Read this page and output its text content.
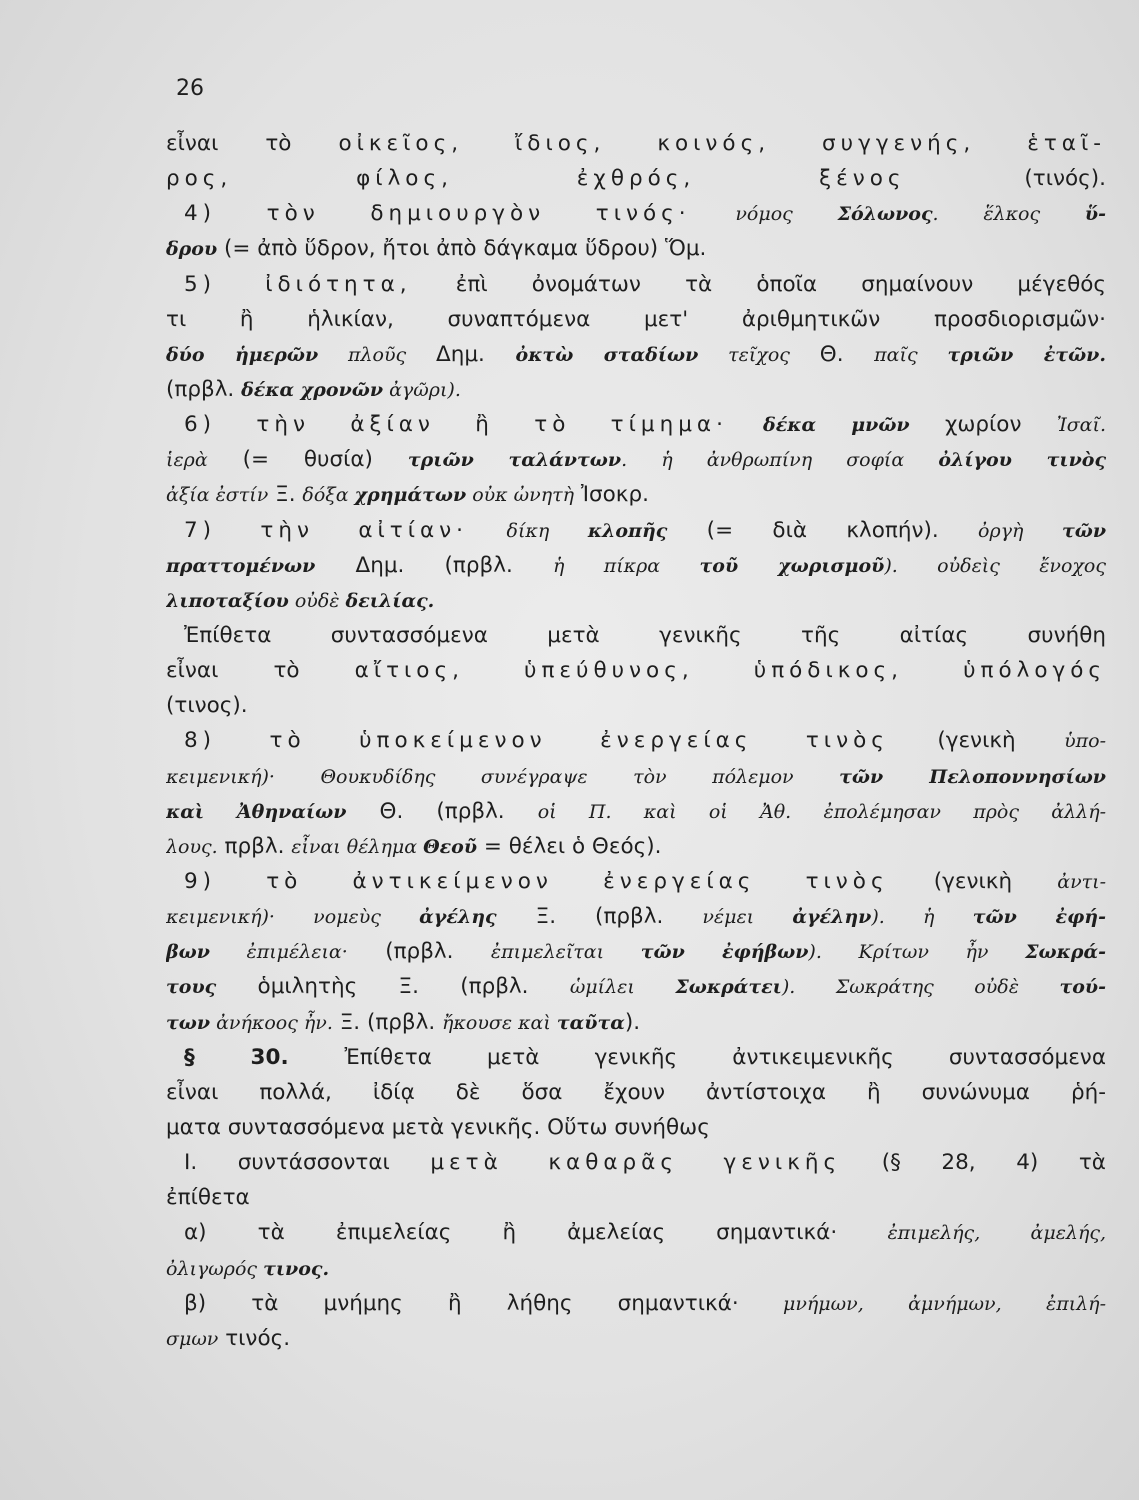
26
εἶναι τὸ οἰκεῖος, ἴδιος, κοινός, συγγενής, ἑταῖ-
ρος, φίλος, ἐχθρός, ξένος (τινός).
4) τὸν δημιουργὸν τινός· νόμος Σόλωνος. ἕλκος ὕ-
δρου (= ἀπὸ ὕδρον, ἤτοι ἀπὸ δάγκαμα ὕδρου) Ὅμ.
5) ἰδιότητα, ἐπὶ ὀνομάτων τὰ ὁποῖα σημαίνουν μέγεθός
τι ἢ ἡλικίαν, συναπτόμενα μετ' ἀριθμητικῶν προσδιορισμῶν·
δύο ἡμερῶν πλοῦς Δημ. ὀκτὼ σταδίων τεῖχος Θ. παῖς τριῶν ἐτῶν.
(πρβλ. δέκα χρονῶν ἀγῶρι).
6) τὴν ἀξίαν ἢ τὸ τίμημα· δέκα μνῶν χωρίον Ἰσαῖ.
ἱερὰ (= θυσία) τριῶν ταλάντων. ἡ ἀνθρωπίνη σοφία ὀλίγου τινὸς
ἀξία ἐστίν Ξ. δόξα χρημάτων οὐκ ὠνητὴ Ἰσοκρ.
7) τὴν αἰτίαν· δίκη κλοπῆς (= διὰ κλοπήν). ὀργὴ τῶν
πραττομένων Δημ. (πρβλ. ἡ πίκρα τοῦ χωρισμοῦ). οὐδεὶς ἔνοχος
λιποταξίου οὐδὲ δειλίας.
Ἐπίθετα συντασσόμενα μετὰ γενικῆς τῆς αἰτίας συνήθη
εἶναι τὸ αἴτιος, ὑπεύθυνος, ὑπόδικος, ὑπόλογός
(τινος).
8) τὸ ὑποκείμενον ἐνεργείας τινὸς (γενικὴ ὑπο-
κειμενική)· Θουκυδίδης συνέγραψε τὸν πόλεμον τῶν Πελοποννησίων
καὶ Ἀθηναίων Θ. (πρβλ. οἱ Π. καὶ οἱ Ἀθ. ἐπολέμησαν πρὸς ἀλλή-
λους. πρβλ. εἶναι θέλημα Θεοῦ = θέλει ὁ Θεός).
9) τὸ ἀντικείμενον ἐνεργείας τινὸς (γενικὴ ἀντι-
κειμενική)· νομεὺς ἀγέλης Ξ. (πρβλ. νέμει ἀγέλην). ἡ τῶν ἐφή-
βων ἐπιμέλεια· (πρβλ. ἐπιμελεῖται τῶν ἐφήβων). Κρίτων ἦν Σωκρά-
τους ὁμιλητὴς Ξ. (πρβλ. ὡμίλει Σωκράτει). Σωκράτης οὐδὲ τού-
των ἀνήκοος ἦν. Ξ. (πρβλ. ἤκουσε καὶ ταῦτα).
§ 30. Ἐπίθετα μετὰ γενικῆς ἀντικειμενικῆς συντασσόμενα
εἶναι πολλά, ἰδίᾳ δὲ ὅσα ἔχουν ἀντίστοιχα ἢ συνώνυμα ῥή-
ματα συντασσόμενα μετὰ γενικῆς. Οὕτω συνήθως
Ι. συντάσσονται μετὰ καθαρᾶς γενικῆς (§ 28, 4) τὰ
ἐπίθετα
α) τὰ ἐπιμελείας ἢ ἀμελείας σημαντικά· ἐπιμελής, ἀμελής,
ὀλιγωρός τινος.
β) τὰ μνήμης ἢ λήθης σημαντικά· μνήμων, ἀμνήμων, ἐπιλή-
σμων τινός.
